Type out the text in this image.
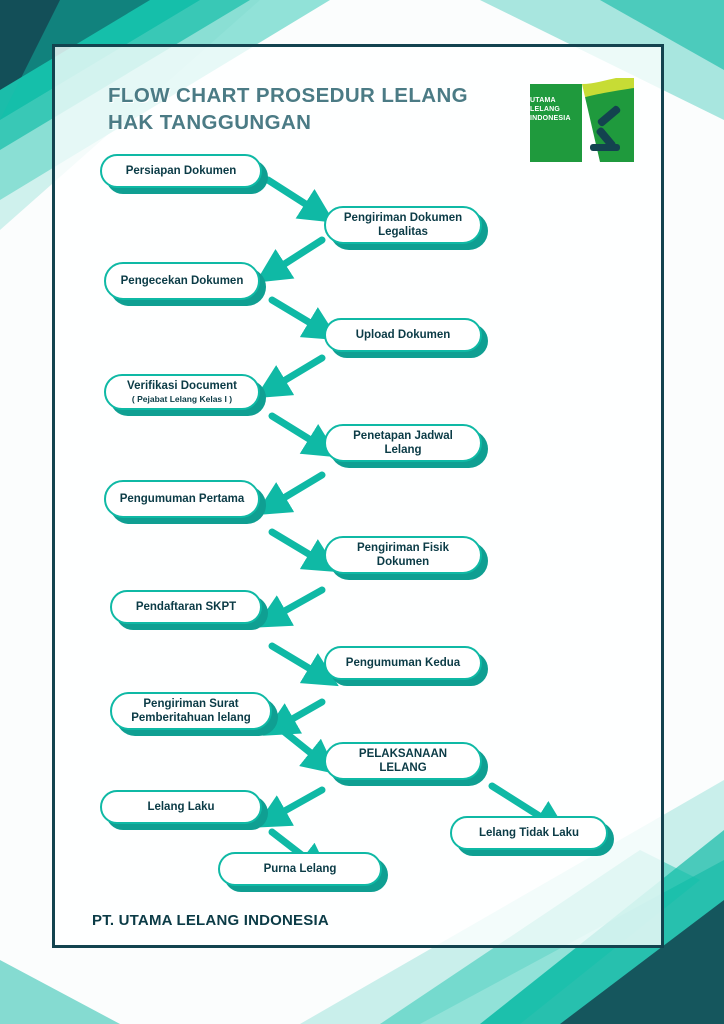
FLOW CHART PROSEDUR LELANG
HAK TANGGUNGAN
UTAMA
LELANG
INDONESIA
Persiapan Dokumen
Pengiriman Dokumen Legalitas
Pengecekan Dokumen
Upload Dokumen
Verifikasi Document
( Pejabat Lelang Kelas I )
Penetapan Jadwal Lelang
Pengumuman Pertama
Pengiriman Fisik Dokumen
Pendaftaran SKPT
Pengumuman Kedua
Pengiriman Surat Pemberitahuan lelang
PELAKSANAAN LELANG
Lelang Laku
Lelang Tidak Laku
Purna Lelang
PT. UTAMA LELANG INDONESIA
